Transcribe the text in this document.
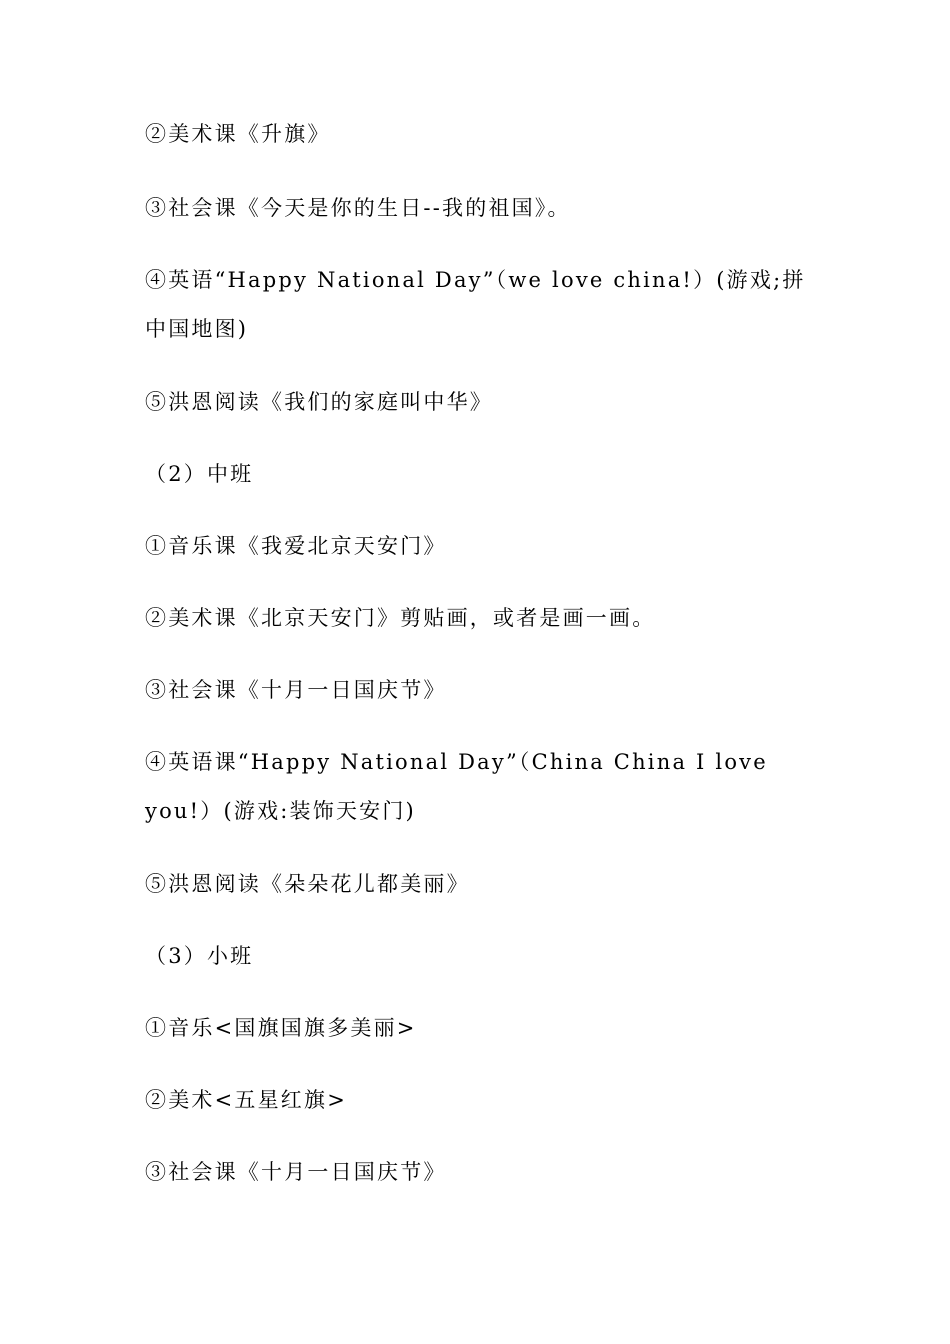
②美术课《升旗》
③社会课《今天是你的生日--我的祖国》。
④英语“Happy National Day”（we love china!）(游戏;拼中国地图)
⑤洪恩阅读《我们的家庭叫中华》
（2）中班
①音乐课《我爱北京天安门》
②美术课《北京天安门》剪贴画，或者是画一画。
③社会课《十月一日国庆节》
④英语课“Happy National Day”（China China I love you!）(游戏:装饰天安门)
⑤洪恩阅读《朵朵花儿都美丽》
（3）小班
①音乐<国旗国旗多美丽>
②美术<五星红旗>
③社会课《十月一日国庆节》
